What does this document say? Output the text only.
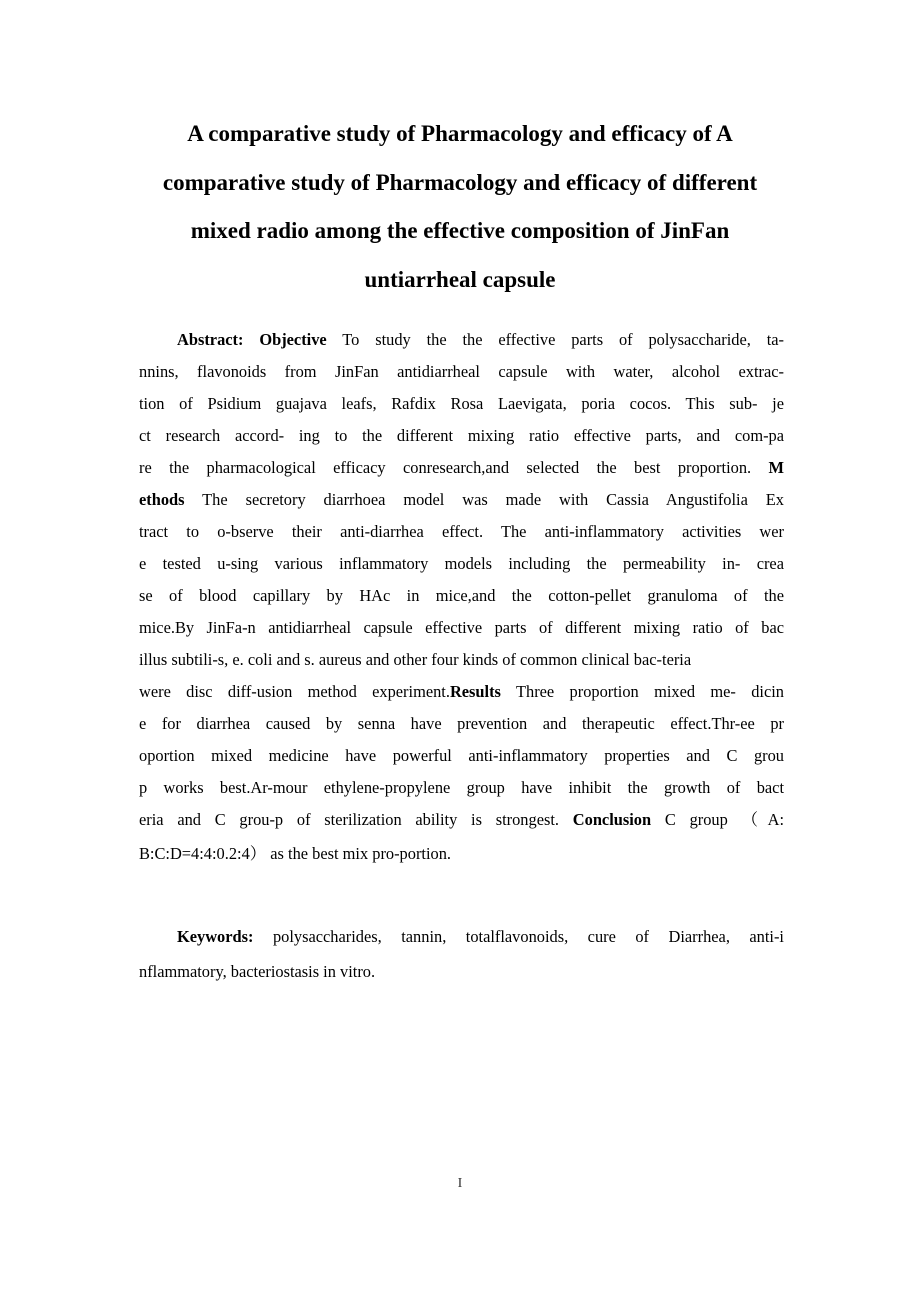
A comparative study of Pharmacology and efficacy of A
comparative study of Pharmacology and efficacy of different
mixed radio among the effective composition of JinFan
untiarrheal capsule
Abstract: Objective To study the the effective parts of polysaccharide, ta-
nnins, flavonoids from JinFan antidiarrheal capsule with water, alcohol extrac-
tion of Psidium guajava leafs, Rafdix Rosa Laevigata, poria cocos. This sub- je
ct research accord- ing to the different mixing ratio effective parts, and com-pa
re the pharmacological efficacy conresearch,and selected the best proportion. M
ethods The secretory diarrhoea model was made with Cassia Angustifolia Ex
tract to o-bserve their anti-diarrhea effect. The anti-inflammatory activities wer
e tested u-sing various inflammatory models including the permeability in- crea
se of blood capillary by HAc in mice,and the cotton-pellet granuloma of the
mice.By JinFa-n antidiarrheal capsule effective parts of different mixing ratio of bac
illus subtili-s, e. coli and s. aureus and other four kinds of common clinical bac-teria
were disc diff-usion method experiment.Results Three proportion mixed me- dicin
e for diarrhea caused by senna have prevention and therapeutic effect.Thr-ee pr
oportion mixed medicine have powerful anti-inflammatory properties and C grou
p works best.Ar-mour ethylene-propylene group have inhibit the growth of bact
eria and C grou-p of sterilization ability is strongest. Conclusion C group （A:
B:C:D=4:4:0.2:4） as the best mix pro-portion.
Keywords: polysaccharides, tannin, totalflavonoids, cure of Diarrhea, anti-i
nflammatory, bacteriostasis in vitro.
I
